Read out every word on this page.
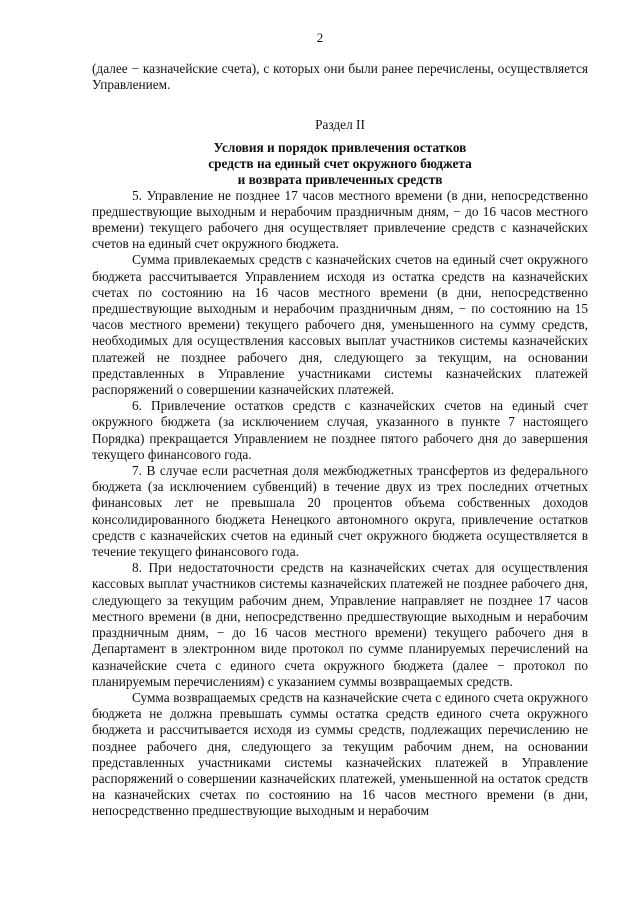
2

(далее − казначейские счета), с которых они были ранее перечислены, осуществляется Управлением.

Раздел II
Условия и порядок привлечения остатков
средств на единый счет окружного бюджета
и возврата привлеченных средств

5. Управление не позднее 17 часов местного времени (в дни, непосредственно предшествующие выходным и нерабочим праздничным дням, − до 16 часов местного времени) текущего рабочего дня осуществляет привлечение средств с казначейских счетов на единый счет окружного бюджета.

Сумма привлекаемых средств с казначейских счетов на единый счет окружного бюджета рассчитывается Управлением исходя из остатка средств на казначейских счетах по состоянию на 16 часов местного времени (в дни, непосредственно предшествующие выходным и нерабочим праздничным дням, − по состоянию на 15 часов местного времени) текущего рабочего дня, уменьшенного на сумму средств, необходимых для осуществления кассовых выплат участников системы казначейских платежей не позднее рабочего дня, следующего за текущим, на основании представленных в Управление участниками системы казначейских платежей распоряжений о совершении казначейских платежей.

6. Привлечение остатков средств с казначейских счетов на единый счет окружного бюджета (за исключением случая, указанного в пункте 7 настоящего Порядка) прекращается Управлением не позднее пятого рабочего дня до завершения текущего финансового года.

7. В случае если расчетная доля межбюджетных трансфертов из федерального бюджета (за исключением субвенций) в течение двух из трех последних отчетных финансовых лет не превышала 20 процентов объема собственных доходов консолидированного бюджета Ненецкого автономного округа, привлечение остатков средств с казначейских счетов на единый счет окружного бюджета осуществляется в течение текущего финансового года.

8. При недостаточности средств на казначейских счетах для осуществления кассовых выплат участников системы казначейских платежей не позднее рабочего дня, следующего за текущим рабочим днем, Управление направляет не позднее 17 часов местного времени (в дни, непосредственно предшествующие выходным и нерабочим праздничным дням, − до 16 часов местного времени) текущего рабочего дня в Департамент в электронном виде протокол по сумме планируемых перечислений на казначейские счета с единого счета окружного бюджета (далее − протокол по планируемым перечислениям) с указанием суммы возвращаемых средств.

Сумма возвращаемых средств на казначейские счета с единого счета окружного бюджета не должна превышать суммы остатка средств единого счета окружного бюджета и рассчитывается исходя из суммы средств, подлежащих перечислению не позднее рабочего дня, следующего за текущим рабочим днем, на основании представленных участниками системы казначейских платежей в Управление распоряжений о совершении казначейских платежей, уменьшенной на остаток средств на казначейских счетах по состоянию на 16 часов местного времени (в дни, непосредственно предшествующие выходным и нерабочим
